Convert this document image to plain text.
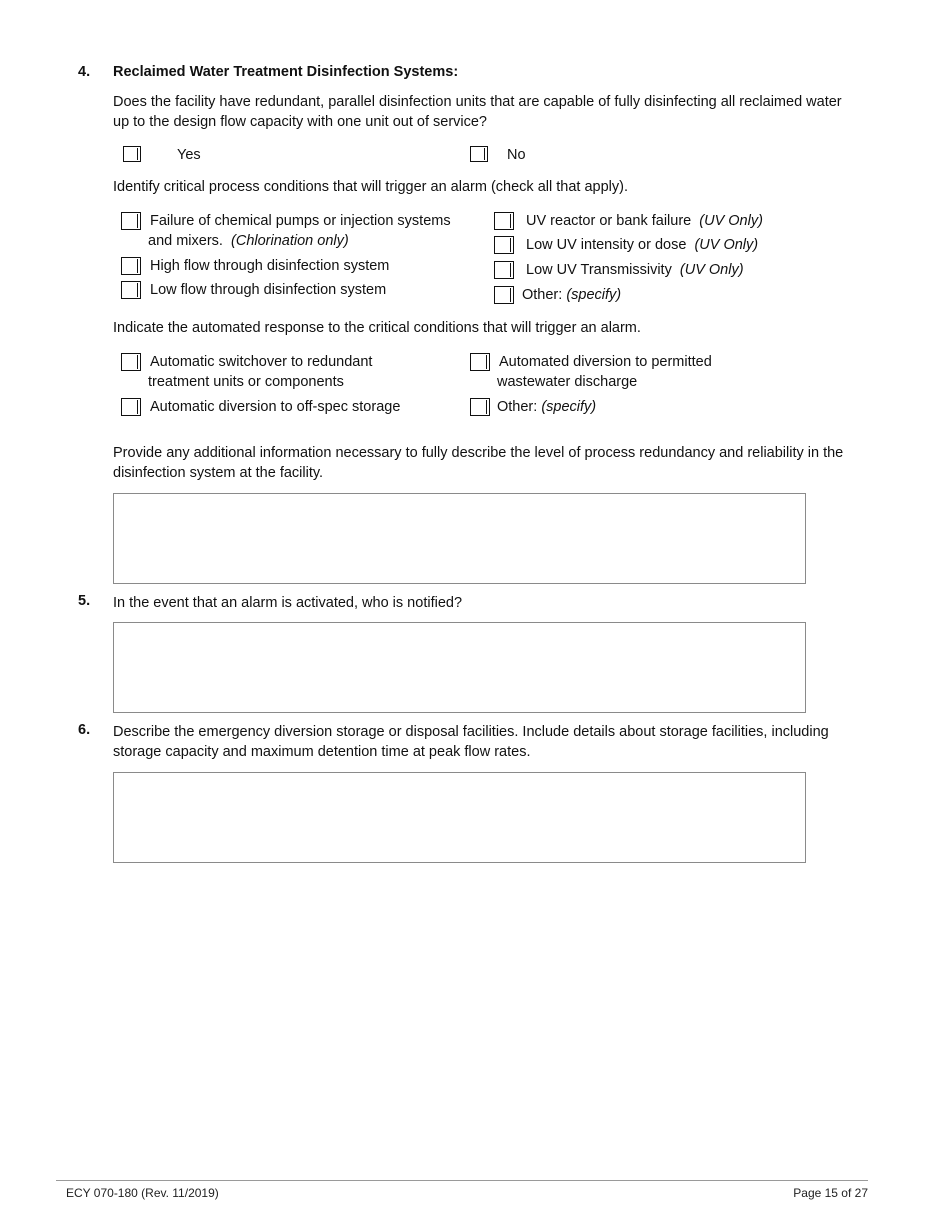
4. Reclaimed Water Treatment Disinfection Systems:
Does the facility have redundant, parallel disinfection units that are capable of fully disinfecting all reclaimed water up to the design flow capacity with one unit out of service?
Yes	No
Identify critical process conditions that will trigger an alarm (check all that apply).
Failure of chemical pumps or injection systems
and mixers. (Chlorination only)
High flow through disinfection system
Low flow through disinfection system
UV reactor or bank failure (UV Only)
Low UV intensity or dose (UV Only)
Low UV Transmissivity (UV Only)
Other: (specify)
Indicate the automated response to the critical conditions that will trigger an alarm.
Automatic switchover to redundant
treatment units or components
Automatic diversion to off-spec storage
Automated diversion to permitted
wastewater discharge
Other: (specify)
Provide any additional information necessary to fully describe the level of process redundancy and reliability in the disinfection system at the facility.
5. In the event that an alarm is activated, who is notified?
6. Describe the emergency diversion storage or disposal facilities. Include details about storage facilities, including storage capacity and maximum detention time at peak flow rates.
ECY 070-180 (Rev. 11/2019)	Page 15 of 27
